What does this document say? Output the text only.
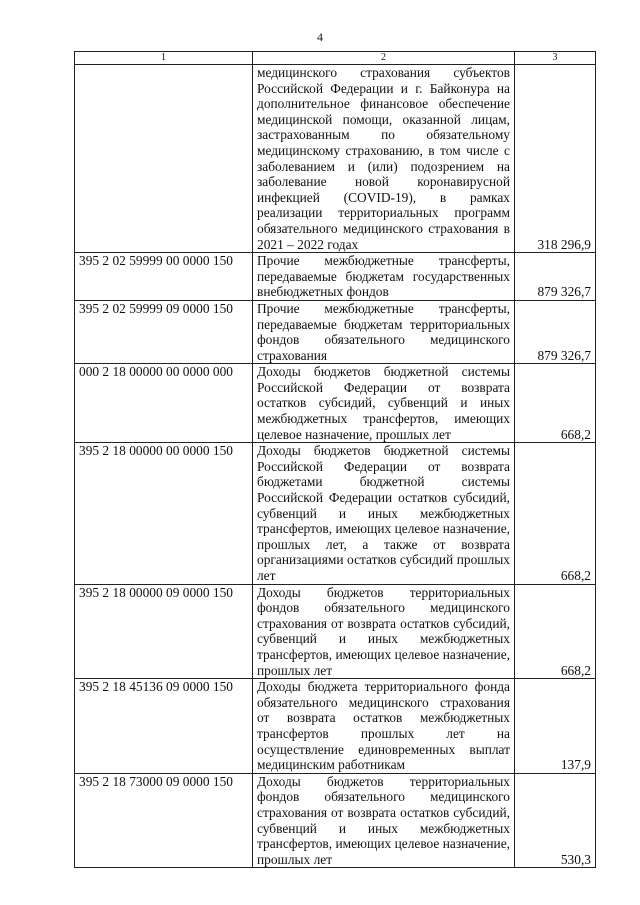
4
1	2	3
	медицинского страхования субъектов Российской Федерации и г. Байконура на дополнительное финансовое обеспечение медицинской помощи, оказанной лицам, застрахованным по обязательному медицинскому страхованию, в том числе с заболеванием и (или) подозрением на заболевание новой коронавирусной инфекцией (COVID-19), в рамках реализации территориальных программ обязательного медицинского страхования в 2021 – 2022 годах	318 296,9
395 2 02 59999 00 0000 150	Прочие межбюджетные трансферты, передаваемые бюджетам государственных внебюджетных фондов	879 326,7
395 2 02 59999 09 0000 150	Прочие межбюджетные трансферты, передаваемые бюджетам территориальных фондов обязательного медицинского страхования	879 326,7
000 2 18 00000 00 0000 000	Доходы бюджетов бюджетной системы Российской Федерации от возврата остатков субсидий, субвенций и иных межбюджетных трансфертов, имеющих целевое назначение, прошлых лет	668,2
395 2 18 00000 00 0000 150	Доходы бюджетов бюджетной системы Российской Федерации от возврата бюджетами бюджетной системы Российской Федерации остатков субсидий, субвенций и иных межбюджетных трансфертов, имеющих целевое назначение, прошлых лет, а также от возврата организациями остатков субсидий прошлых лет	668,2
395 2 18 00000 09 0000 150	Доходы бюджетов территориальных фондов обязательного медицинского страхования от возврата остатков субсидий, субвенций и иных межбюджетных трансфертов, имеющих целевое назначение, прошлых лет	668,2
395 2 18 45136 09 0000 150	Доходы бюджета территориального фонда обязательного медицинского страхования от возврата остатков межбюджетных трансфертов прошлых лет на осуществление единовременных выплат медицинским работникам	137,9
395 2 18 73000 09 0000 150	Доходы бюджетов территориальных фондов обязательного медицинского страхования от возврата остатков субсидий, субвенций и иных межбюджетных трансфертов, имеющих целевое назначение, прошлых лет	530,3
